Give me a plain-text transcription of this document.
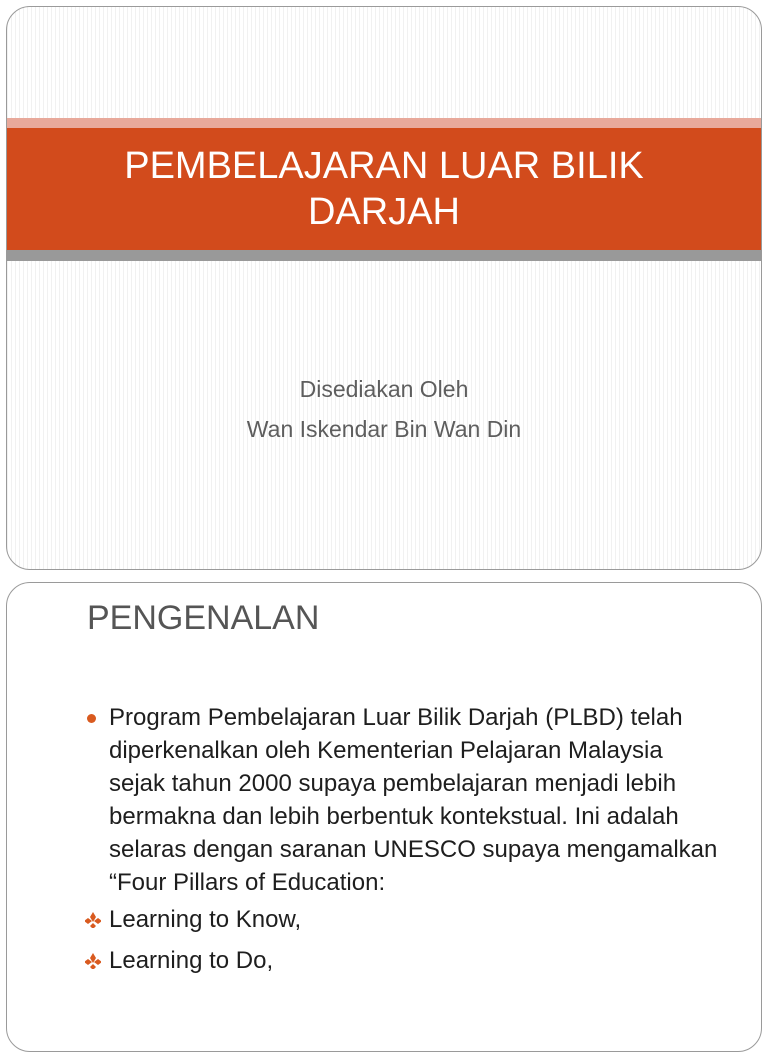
PEMBELAJARAN LUAR BILIK DARJAH
Disediakan Oleh
Wan Iskendar Bin Wan Din
PENGENALAN
Program Pembelajaran Luar Bilik Darjah (PLBD) telah diperkenalkan oleh Kementerian Pelajaran Malaysia sejak tahun 2000 supaya pembelajaran menjadi lebih bermakna dan lebih berbentuk kontekstual. Ini adalah selaras dengan saranan UNESCO supaya mengamalkan “Four Pillars of Education:
Learning to Know,
Learning to Do,
